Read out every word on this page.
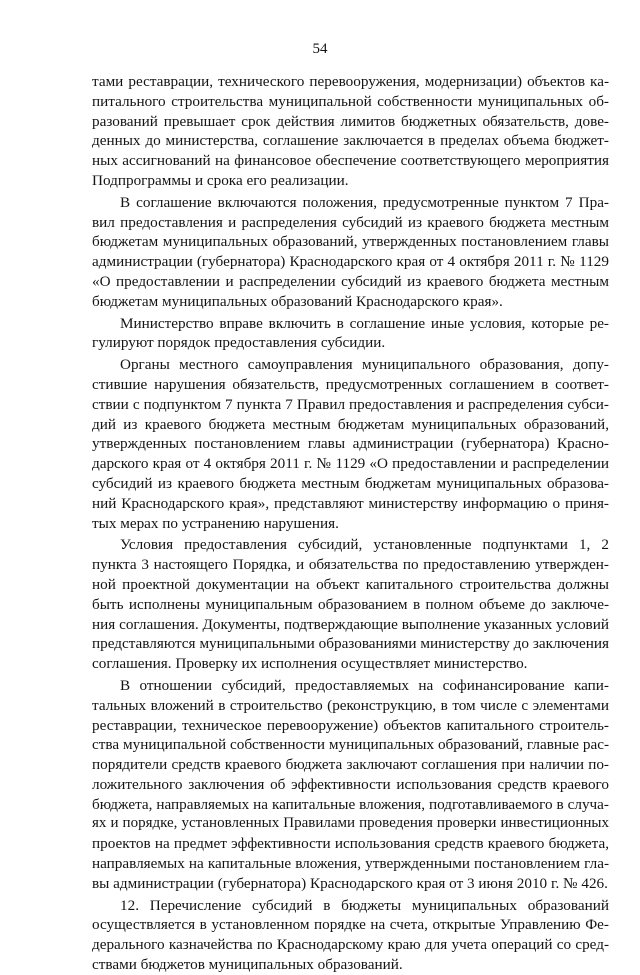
54
тами реставрации, технического перевооружения, модернизации) объектов ка-
питального строительства муниципальной собственности муниципальных об-
разований превышает срок действия лимитов бюджетных обязательств, дове-
денных до министерства, соглашение заключается в пределах объема бюджет-
ных ассигнований на финансовое обеспечение соответствующего мероприятия
Подпрограммы и срока его реализации.
В соглашение включаются положения, предусмотренные пунктом 7 Пра-
вил предоставления и распределения субсидий из краевого бюджета местным
бюджетам муниципальных образований, утвержденных постановлением главы
администрации (губернатора) Краснодарского края от 4 октября 2011 г. № 1129
«О предоставлении и распределении субсидий из краевого бюджета местным
бюджетам муниципальных образований Краснодарского края».
Министерство вправе включить в соглашение иные условия, которые ре-
гулируют порядок предоставления субсидии.
Органы местного самоуправления муниципального образования, допу-
стившие нарушения обязательств, предусмотренных соглашением в соответ-
ствии с подпунктом 7 пункта 7 Правил предоставления и распределения субси-
дий из краевого бюджета местным бюджетам муниципальных образований,
утвержденных постановлением главы администрации (губернатора) Красно-
дарского края от 4 октября 2011 г. № 1129 «О предоставлении и распределении
субсидий из краевого бюджета местным бюджетам муниципальных образова-
ний Краснодарского края», представляют министерству информацию о приня-
тых мерах по устранению нарушения.
Условия предоставления субсидий, установленные подпунктами 1, 2
пункта 3 настоящего Порядка, и обязательства по предоставлению утвержден-
ной проектной документации на объект капитального строительства должны
быть исполнены муниципальным образованием в полном объеме до заключе-
ния соглашения. Документы, подтверждающие выполнение указанных условий
представляются муниципальными образованиями министерству до заключения
соглашения. Проверку их исполнения осуществляет министерство.
В отношении субсидий, предоставляемых на софинансирование капи-
тальных вложений в строительство (реконструкцию, в том числе с элементами
реставрации, техническое перевооружение) объектов капитального строитель-
ства муниципальной собственности муниципальных образований, главные рас-
порядители средств краевого бюджета заключают соглашения при наличии по-
ложительного заключения об эффективности использования средств краевого
бюджета, направляемых на капитальные вложения, подготавливаемого в случа-
ях и порядке, установленных Правилами проведения проверки инвестиционных
проектов на предмет эффективности использования средств краевого бюджета,
направляемых на капитальные вложения, утвержденными постановлением гла-
вы администрации (губернатора) Краснодарского края от 3 июня 2010 г. № 426.
12. Перечисление субсидий в бюджеты муниципальных образований
осуществляется в установленном порядке на счета, открытые Управлению Фе-
дерального казначейства по Краснодарскому краю для учета операций со сред-
ствами бюджетов муниципальных образований.
